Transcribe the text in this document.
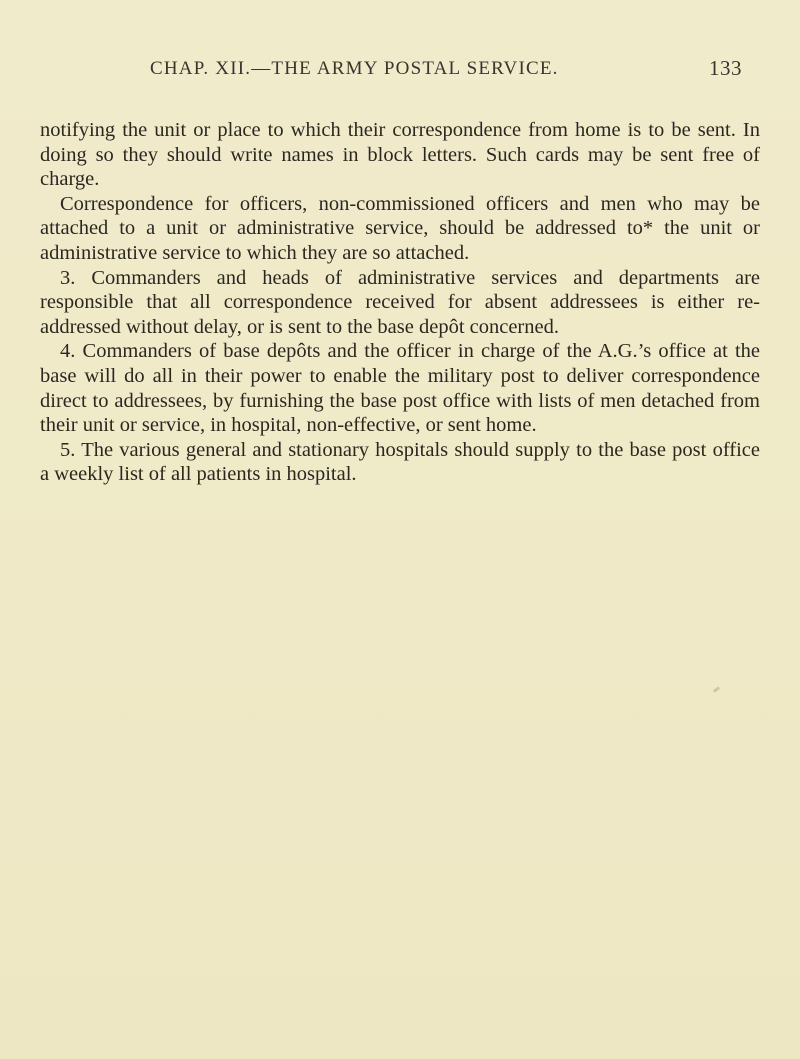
CHAP. XII.—THE ARMY POSTAL SERVICE.	133

notifying the unit or place to which their correspondence from home is to be sent. In doing so they should write names in block letters. Such cards may be sent free of charge.

Correspondence for officers, non-commissioned officers and men who may be attached to a unit or administrative service, should be addressed to* the unit or administrative service to which they are so attached.

3. Commanders and heads of administrative services and departments are responsible that all correspondence received for absent addressees is either re-addressed without delay, or is sent to the base depôt concerned.

4. Commanders of base depôts and the officer in charge of the A.G.’s office at the base will do all in their power to enable the military post to deliver correspondence direct to addressees, by furnishing the base post office with lists of men detached from their unit or service, in hospital, non-effective, or sent home.

5. The various general and stationary hospitals should supply to the base post office a weekly list of all patients in hospital.
